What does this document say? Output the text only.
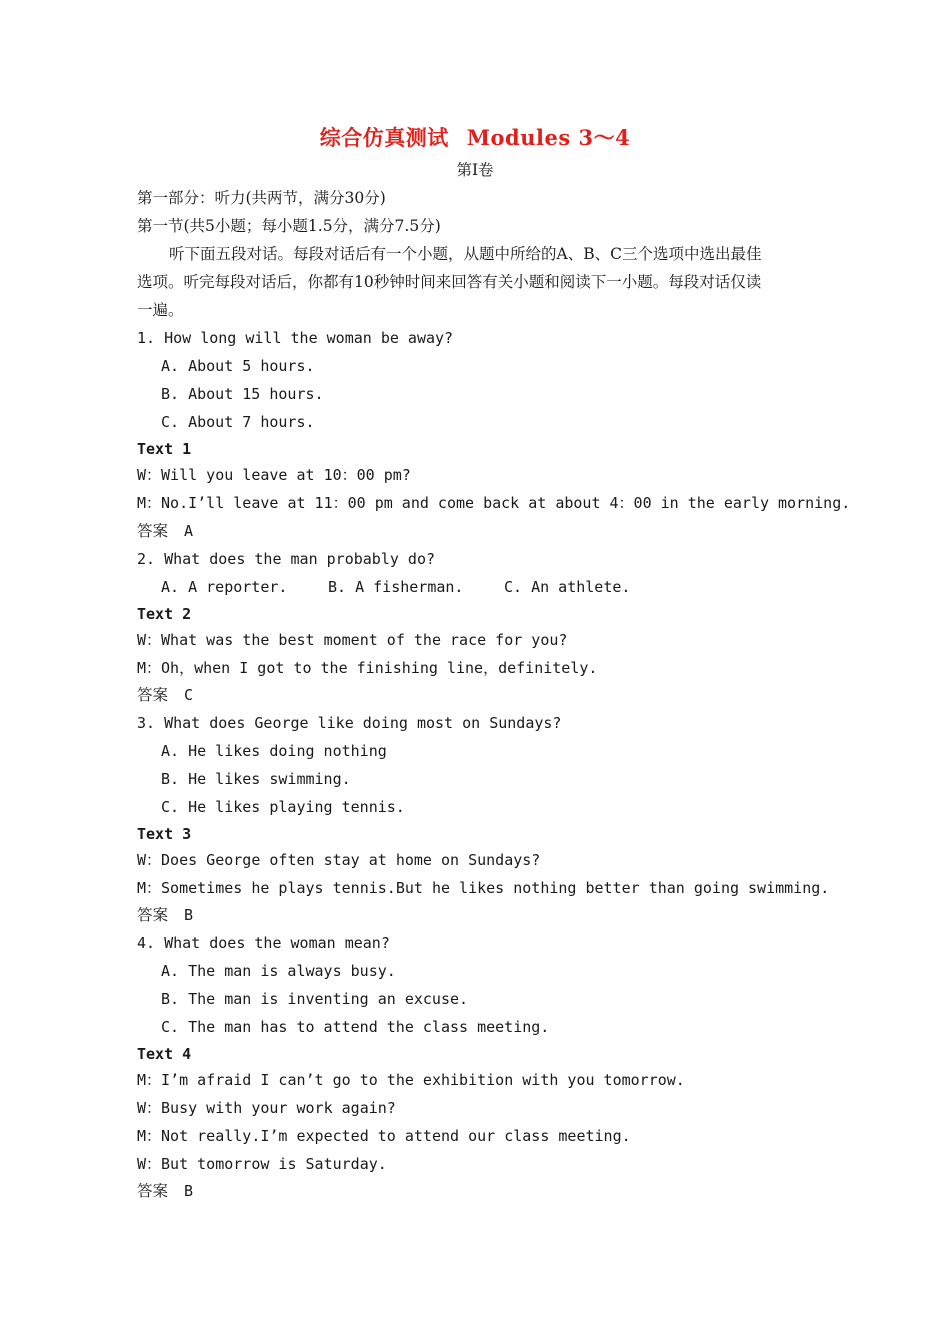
综合仿真测试 Modules 3～4
第Ⅰ卷
第一部分：听力(共两节，满分30分)
第一节(共5小题；每小题1.5分，满分7.5分)
听下面五段对话。每段对话后有一个小题，从题中所给的A、B、C三个选项中选出最佳
选项。听完每段对话后，你都有10秒钟时间来回答有关小题和阅读下一小题。每段对话仅读
一遍。
1. How long will the woman be away?
A. About 5 hours.
B. About 15 hours.
C. About 7 hours.
Text 1
W：Will you leave at 10：00 pm?
M：No.I’ll leave at 11：00 pm and come back at about 4：00 in the early morning.
答案 A
2. What does the man probably do?
A. A reporter.	B. A fisherman.	C. An athlete.
Text 2
W：What was the best moment of the race for you?
M：Oh，when I got to the finishing line，definitely.
答案 C
3. What does George like doing most on Sundays?
A. He likes doing nothing
B. He likes swimming.
C. He likes playing tennis.
Text 3
W：Does George often stay at home on Sundays?
M：Sometimes he plays tennis.But he likes nothing better than going swimming.
答案 B
4. What does the woman mean?
A. The man is always busy.
B. The man is inventing an excuse.
C. The man has to attend the class meeting.
Text 4
M：I’m afraid I can’t go to the exhibition with you tomorrow.
W：Busy with your work again?
M：Not really.I’m expected to attend our class meeting.
W：But tomorrow is Saturday.
答案 B
